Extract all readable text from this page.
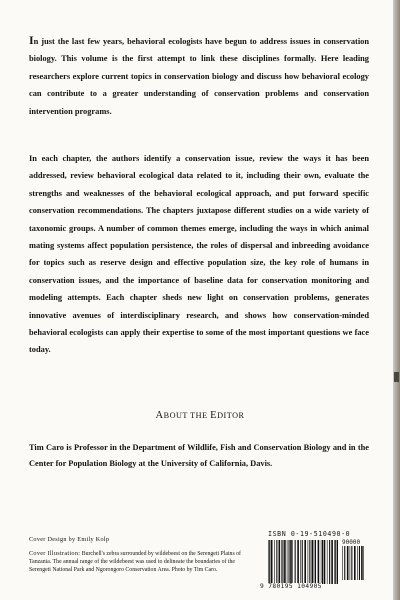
In just the last few years, behavioral ecologists have begun to address issues in conservation biology. This volume is the first attempt to link these disciplines formally. Here leading researchers explore current topics in conservation biology and discuss how behavioral ecology can contribute to a greater understanding of conservation problems and conservation intervention programs.

In each chapter, the authors identify a conservation issue, review the ways it has been addressed, review behavioral ecological data related to it, including their own, evaluate the strengths and weaknesses of the behavioral ecological approach, and put forward specific conservation recommendations. The chapters juxtapose different studies on a wide variety of taxonomic groups. A number of common themes emerge, including the ways in which animal mating systems affect population persistence, the roles of dispersal and inbreeding avoidance for topics such as reserve design and effective population size, the key role of humans in conservation issues, and the importance of baseline data for conservation monitoring and modeling attempts. Each chapter sheds new light on conservation problems, generates innovative avenues of interdisciplinary research, and shows how conservation-minded behavioral ecologists can apply their expertise to some of the most important questions we face today.

ABOUT THE EDITOR

Tim Caro is Professor in the Department of Wildlife, Fish and Conservation Biology and in the Center for Population Biology at the University of California, Davis.

Cover Design by Emily Kolp

Cover Illustration: Burchell's zebra surrounded by wildebeest on the Serengeti Plains of Tanzania. The annual range of the wildebeest was used to delineate the boundaries of the Serengeti National Park and Ngorongoro Conservation Area. Photo by Tim Caro.

ISBN 0-19-510490-0
90000
9 780195 104905
